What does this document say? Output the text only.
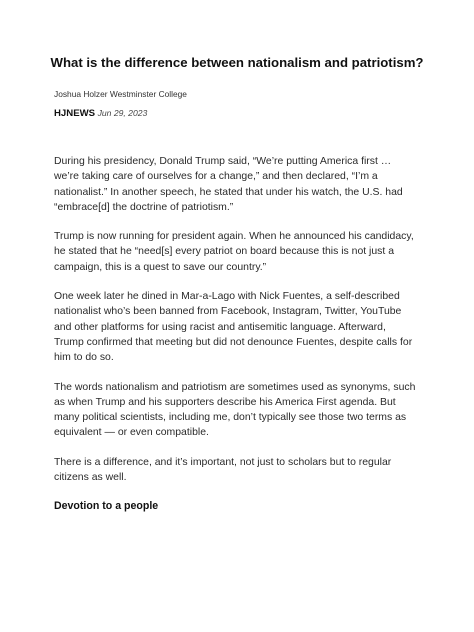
What is the difference between nationalism and patriotism?
Joshua Holzer Westminster College
HJNEWS Jun 29, 2023

During his presidency, Donald Trump said, “We’re putting America first …
we’re taking care of ourselves for a change,” and then declared, “I’m a
nationalist.” In another speech, he stated that under his watch, the U.S. had
“embrace[d] the doctrine of patriotism.”

Trump is now running for president again. When he announced his candidacy,
he stated that he “need[s] every patriot on board because this is not just a
campaign, this is a quest to save our country.”

One week later he dined in Mar-a-Lago with Nick Fuentes, a self-described
nationalist who’s been banned from Facebook, Instagram, Twitter, YouTube
and other platforms for using racist and antisemitic language. Afterward,
Trump confirmed that meeting but did not denounce Fuentes, despite calls for
him to do so.

The words nationalism and patriotism are sometimes used as synonyms, such
as when Trump and his supporters describe his America First agenda. But
many political scientists, including me, don’t typically see those two terms as
equivalent — or even compatible.

There is a difference, and it’s important, not just to scholars but to regular
citizens as well.

Devotion to a people
